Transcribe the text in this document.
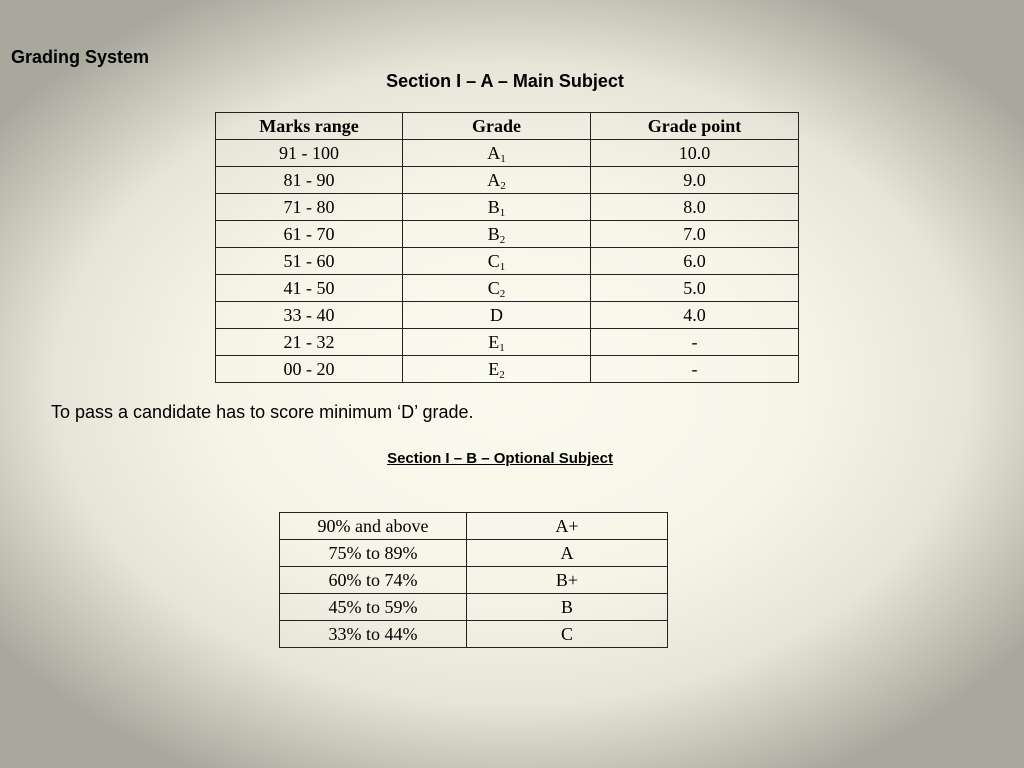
Grading System
Section I – A – Main Subject
Marks range	Grade	Grade point
91 - 100	$A_1$	10.0
81 - 90	$A_2$	9.0
71 - 80	$B_1$	8.0
61 - 70	$B_2$	7.0
51 - 60	$C_1$	6.0
41 - 50	$C_2$	5.0
33 - 40	D	4.0
21 - 32	$E_1$	-
00 - 20	$E_2$	-
To pass a candidate has to score minimum ‘D’ grade.
Section I – B – Optional Subject
90% and above	A+
75% to 89%	A
60% to 74%	B+
45% to 59%	B
33% to 44%	C
